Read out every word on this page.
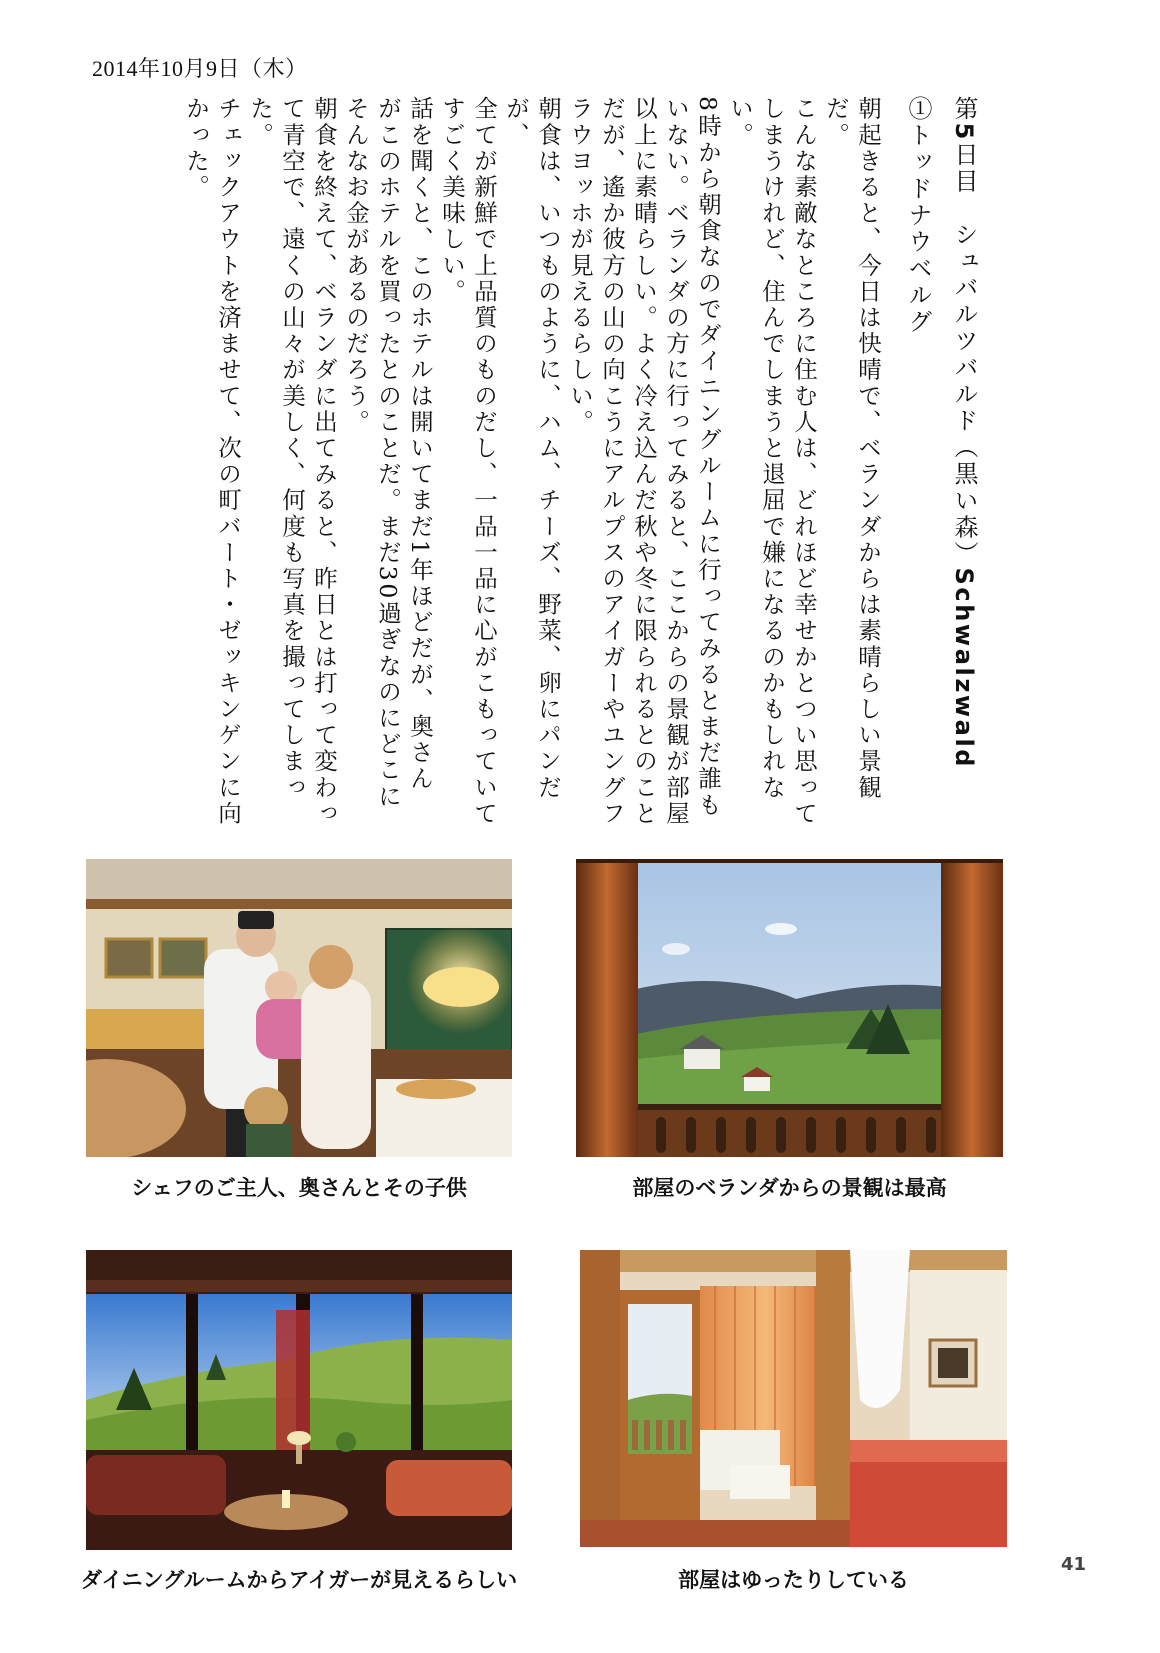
2014年10月9日（木）
第5日目　シュバルツバルド（黒い森）Schwalzwald
①トッドナウベルグ
朝起きると、今日は快晴で、ベランダからは素晴らしい景観だ。
こんな素敵なところに住む人は、どれほど幸せかとつい思って
しまうけれど、住んでしまうと退屈で嫌になるのかもしれない。
8時から朝食なのでダイニングルームに行ってみるとまだ誰も
いない。ベランダの方に行ってみると、ここからの景観が部屋
以上に素晴らしい。よく冷え込んだ秋や冬に限られるとのこと
だが、遙か彼方の山の向こうにアルプスのアイガーやユングフ
ラウヨッホが見えるらしい。
朝食は、いつものように、ハム、チーズ、野菜、卵にパンだが、
全てが新鮮で上品質のものだし、一品一品に心がこもっていて
すごく美味しい。
話を聞くと、このホテルは開いてまだ1年ほどだが、奥さん
がこのホテルを買ったとのことだ。まだ30過ぎなのにどこに
そんなお金があるのだろう。
朝食を終えて、ベランダに出てみると、昨日とは打って変わっ
て青空で、遠くの山々が美しく、何度も写真を撮ってしまった。
チェックアウトを済ませて、次の町バート・ゼッキンゲンに向
かった。
シェフのご主人、奥さんとその子供	部屋のベランダからの景観は最高
ダイニングルームからアイガーが見えるらしい	部屋はゆったりしている
41
